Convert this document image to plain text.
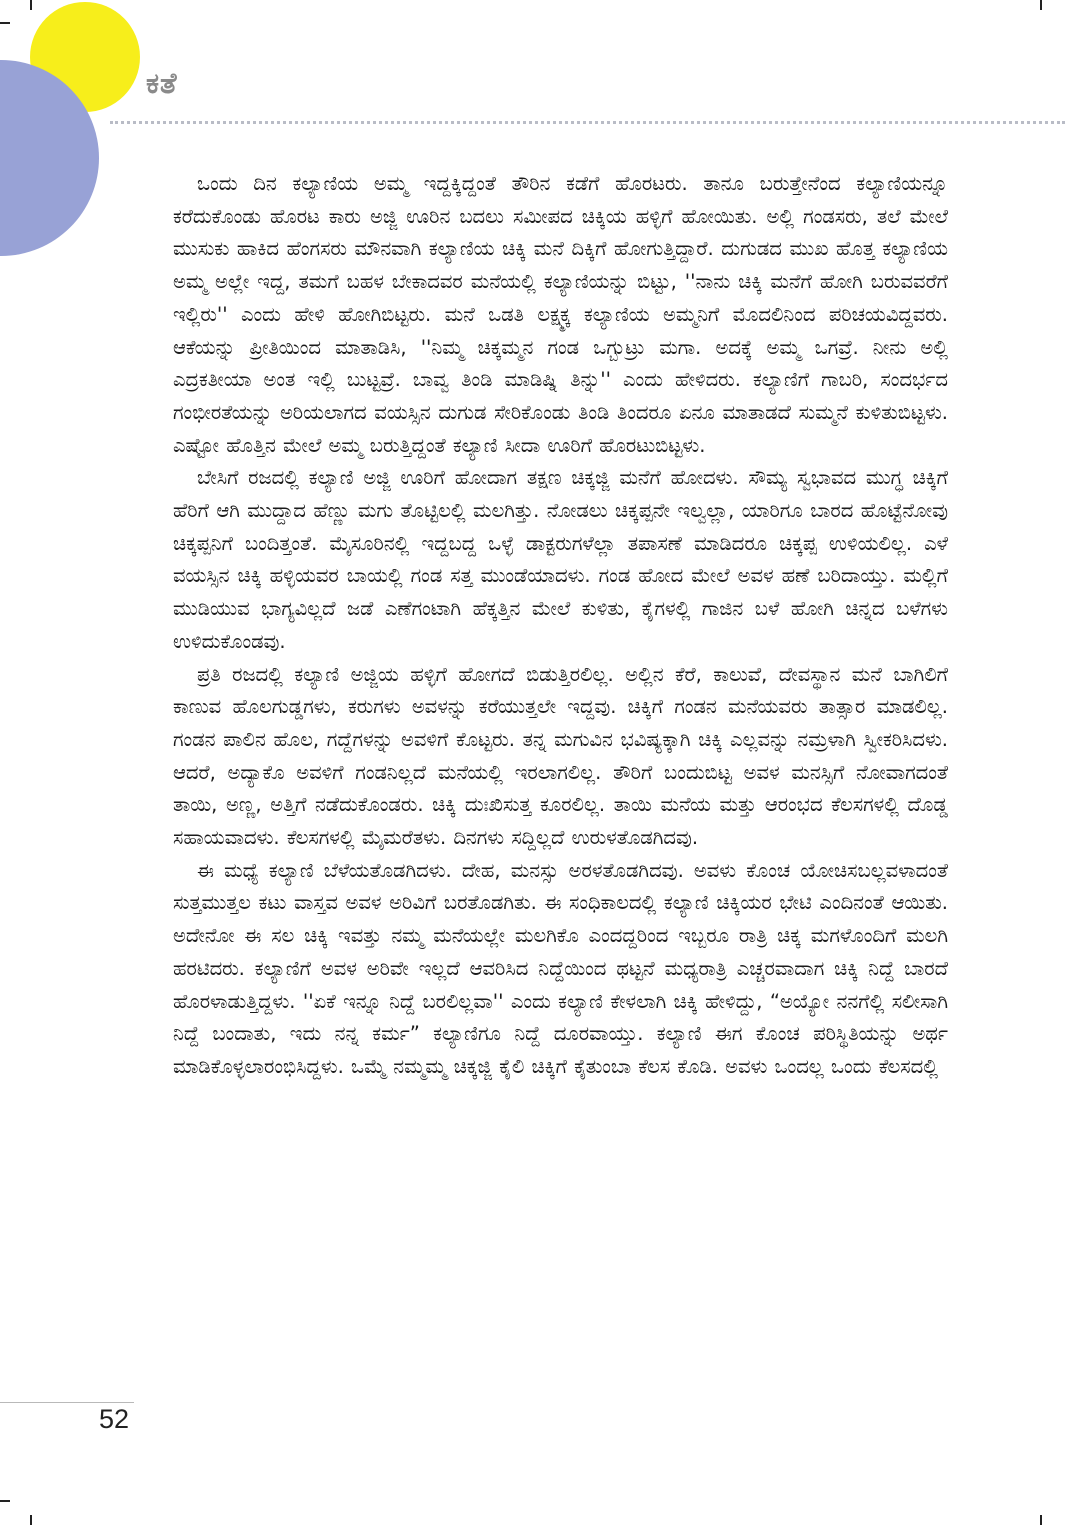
ಕತೆ

ಒಂದು ದಿನ ಕಲ್ಯಾಣಿಯ ಅಮ್ಮ ಇದ್ದಕ್ಕಿದ್ದಂತೆ ತೌರಿನ ಕಡೆಗೆ ಹೊರಟರು. ತಾನೂ ಬರುತ್ತೇನೆಂದ ಕಲ್ಯಾಣಿಯನ್ನೂ ಕರೆದುಕೊಂಡು ಹೊರಟ ಕಾರು ಅಜ್ಜಿ ಊರಿನ ಬದಲು ಸಮೀಪದ ಚಿಕ್ಕಿಯ ಹಳ್ಳಿಗೆ ಹೋಯಿತು. ಅಲ್ಲಿ ಗಂಡಸರು, ತಲೆ ಮೇಲೆ ಮುಸುಕು ಹಾಕಿದ ಹೆಂಗಸರು ಮೌನವಾಗಿ ಕಲ್ಯಾಣಿಯ ಚಿಕ್ಕಿ ಮನೆ ದಿಕ್ಕಿಗೆ ಹೋಗುತ್ತಿದ್ದಾರೆ. ದುಗುಡದ ಮುಖ ಹೊತ್ತ ಕಲ್ಯಾಣಿಯ ಅಮ್ಮ ಅಲ್ಲೇ ಇದ್ದ, ತಮಗೆ ಬಹಳ ಬೇಕಾದವರ ಮನೆಯಲ್ಲಿ ಕಲ್ಯಾಣಿಯನ್ನು ಬಿಟ್ಟು, ''ನಾನು ಚಿಕ್ಕಿ ಮನೆಗೆ ಹೋಗಿ ಬರುವವರೆಗೆ ಇಲ್ಲಿರು'' ಎಂದು ಹೇಳಿ ಹೋಗಿಬಿಟ್ಟರು. ಮನೆ ಒಡತಿ ಲಕ್ಷ್ಮಕ್ಕ ಕಲ್ಯಾಣಿಯ ಅಮ್ಮನಿಗೆ ಮೊದಲಿನಿಂದ ಪರಿಚಯವಿದ್ದವರು. ಆಕೆಯನ್ನು ಪ್ರೀತಿಯಿಂದ ಮಾತಾಡಿಸಿ, ''ನಿಮ್ಮ ಚಿಕ್ಕಮ್ಮನ ಗಂಡ ಒಗ್ಬುಟ್ರು ಮಗಾ. ಅದಕ್ಕೆ ಅಮ್ಮ ಒಗವ್ರೆ. ನೀನು ಅಲ್ಲಿ ಎದ್ರಕತೀಯಾ ಅಂತ ಇಲ್ಲಿ ಬುಟ್ಟವ್ರೆ. ಬಾವ್ವ ತಿಂಡಿ ಮಾಡಿಷ್ನಿ ತಿನ್ನು'' ಎಂದು ಹೇಳಿದರು. ಕಲ್ಯಾಣಿಗೆ ಗಾಬರಿ, ಸಂದರ್ಭದ ಗಂಭೀರತೆಯನ್ನು ಅರಿಯಲಾಗದ ವಯಸ್ಸಿನ ದುಗುಡ ಸೇರಿಕೊಂಡು ತಿಂಡಿ ತಿಂದರೂ ಏನೂ ಮಾತಾಡದೆ ಸುಮ್ಮನೆ ಕುಳಿತುಬಿಟ್ಟಳು. ಎಷ್ಟೋ ಹೊತ್ತಿನ ಮೇಲೆ ಅಮ್ಮ ಬರುತ್ತಿದ್ದಂತೆ ಕಲ್ಯಾಣಿ ಸೀದಾ ಊರಿಗೆ ಹೊರಟುಬಿಟ್ಟಳು.

ಬೇಸಿಗೆ ರಜದಲ್ಲಿ ಕಲ್ಯಾಣಿ ಅಜ್ಜಿ ಊರಿಗೆ ಹೋದಾಗ ತಕ್ಷಣ ಚಿಕ್ಕಜ್ಜಿ ಮನೆಗೆ ಹೋದಳು. ಸೌಮ್ಯ ಸ್ವಭಾವದ ಮುಗ್ಧ ಚಿಕ್ಕಿಗೆ ಹೆರಿಗೆ ಆಗಿ ಮುದ್ದಾದ ಹೆಣ್ಣು ಮಗು ತೊಟ್ಟಿಲಲ್ಲಿ ಮಲಗಿತ್ತು. ನೋಡಲು ಚಿಕ್ಕಪ್ಪನೇ ಇಲ್ವಲ್ಲಾ, ಯಾರಿಗೂ ಬಾರದ ಹೊಟ್ಟೆನೋವು ಚಿಕ್ಕಪ್ಪನಿಗೆ ಬಂದಿತ್ತಂತೆ. ಮೈಸೂರಿನಲ್ಲಿ ಇದ್ದಬದ್ದ ಒಳ್ಳೆ ಡಾಕ್ಟರುಗಳೆಲ್ಲಾ ತಪಾಸಣೆ ಮಾಡಿದರೂ ಚಿಕ್ಕಪ್ಪ ಉಳಿಯಲಿಲ್ಲ. ಎಳೆ ವಯಸ್ಸಿನ ಚಿಕ್ಕಿ ಹಳ್ಳಿಯವರ ಬಾಯಲ್ಲಿ ಗಂಡ ಸತ್ತ ಮುಂಡೆಯಾದಳು. ಗಂಡ ಹೋದ ಮೇಲೆ ಅವಳ ಹಣೆ ಬರಿದಾಯ್ತು. ಮಲ್ಲಿಗೆ ಮುಡಿಯುವ ಭಾಗ್ಯವಿಲ್ಲದೆ ಜಡೆ ಎಣೆಗಂಟಾಗಿ ಹೆಕ್ಕತ್ತಿನ ಮೇಲೆ ಕುಳಿತು, ಕೈಗಳಲ್ಲಿ ಗಾಜಿನ ಬಳೆ ಹೋಗಿ ಚಿನ್ನದ ಬಳೆಗಳು ಉಳಿದುಕೊಂಡವು.

ಪ್ರತಿ ರಜದಲ್ಲಿ ಕಲ್ಯಾಣಿ ಅಜ್ಜಿಯ ಹಳ್ಳಿಗೆ ಹೋಗದೆ ಬಿಡುತ್ತಿರಲಿಲ್ಲ. ಅಲ್ಲಿನ ಕೆರೆ, ಕಾಲುವೆ, ದೇವಸ್ಥಾನ ಮನೆ ಬಾಗಿಲಿಗೆ ಕಾಣುವ ಹೊಲಗುಡ್ಡಗಳು, ಕರುಗಳು ಅವಳನ್ನು ಕರೆಯುತ್ತಲೇ ಇದ್ದವು. ಚಿಕ್ಕಿಗೆ ಗಂಡನ ಮನೆಯವರು ತಾತ್ಸಾರ ಮಾಡಲಿಲ್ಲ. ಗಂಡನ ಪಾಲಿನ ಹೊಲ, ಗದ್ದೆಗಳನ್ನು ಅವಳಿಗೆ ಕೊಟ್ಟರು. ತನ್ನ ಮಗುವಿನ ಭವಿಷ್ಯಕ್ಕಾಗಿ ಚಿಕ್ಕಿ ಎಲ್ಲವನ್ನು ನಮ್ರಳಾಗಿ ಸ್ವೀಕರಿಸಿದಳು. ಆದರೆ, ಅದ್ಯಾಕೊ ಅವಳಿಗೆ ಗಂಡನಿಲ್ಲದೆ ಮನೆಯಲ್ಲಿ ಇರಲಾಗಲಿಲ್ಲ. ತೌರಿಗೆ ಬಂದುಬಿಟ್ಟ ಅವಳ ಮನಸ್ಸಿಗೆ ನೋವಾಗದಂತೆ ತಾಯಿ, ಅಣ್ಣ, ಅತ್ತಿಗೆ ನಡೆದುಕೊಂಡರು. ಚಿಕ್ಕಿ ದುಃಖಿಸುತ್ತ ಕೂರಲಿಲ್ಲ. ತಾಯಿ ಮನೆಯ ಮತ್ತು ಆರಂಭದ ಕೆಲಸಗಳಲ್ಲಿ ದೊಡ್ಡ ಸಹಾಯವಾದಳು. ಕೆಲಸಗಳಲ್ಲಿ ಮೈಮರೆತಳು. ದಿನಗಳು ಸದ್ದಿಲ್ಲದೆ ಉರುಳತೊಡಗಿದವು.

ಈ ಮಧ್ಯೆ ಕಲ್ಯಾಣಿ ಬೆಳೆಯತೊಡಗಿದಳು. ದೇಹ, ಮನಸ್ಸು ಅರಳತೊಡಗಿದವು. ಅವಳು ಕೊಂಚ ಯೋಚಿಸಬಲ್ಲವಳಾದಂತೆ ಸುತ್ತಮುತ್ತಲ ಕಟು ವಾಸ್ತವ ಅವಳ ಅರಿವಿಗೆ ಬರತೊಡಗಿತು. ಈ ಸಂಧಿಕಾಲದಲ್ಲಿ ಕಲ್ಯಾಣಿ ಚಿಕ್ಕಿಯರ ಭೇಟಿ ಎಂದಿನಂತೆ ಆಯಿತು. ಅದೇನೋ ಈ ಸಲ ಚಿಕ್ಕಿ ಇವತ್ತು ನಮ್ಮ ಮನೆಯಲ್ಲೇ ಮಲಗಿಕೊ ಎಂದದ್ದರಿಂದ ಇಬ್ಬರೂ ರಾತ್ರಿ ಚಿಕ್ಕ ಮಗಳೊಂದಿಗೆ ಮಲಗಿ ಹರಟಿದರು. ಕಲ್ಯಾಣಿಗೆ ಅವಳ ಅರಿವೇ ಇಲ್ಲದೆ ಆವರಿಸಿದ ನಿದ್ದೆಯಿಂದ ಥಟ್ಟನೆ ಮಧ್ಯರಾತ್ರಿ ಎಚ್ಚರವಾದಾಗ ಚಿಕ್ಕಿ ನಿದ್ದೆ ಬಾರದೆ ಹೊರಳಾಡುತ್ತಿದ್ದಳು. ''ಏಕೆ ಇನ್ನೂ ನಿದ್ದೆ ಬರಲಿಲ್ಲವಾ'' ಎಂದು ಕಲ್ಯಾಣಿ ಕೇಳಲಾಗಿ ಚಿಕ್ಕಿ ಹೇಳಿದ್ದು, “ಅಯ್ಯೋ ನನಗೆಲ್ಲಿ ಸಲೀಸಾಗಿ ನಿದ್ದೆ ಬಂದಾತು, ಇದು ನನ್ನ ಕರ್ಮ” ಕಲ್ಯಾಣಿಗೂ ನಿದ್ದೆ ದೂರವಾಯ್ತು. ಕಲ್ಯಾಣಿ ಈಗ ಕೊಂಚ ಪರಿಸ್ಥಿತಿಯನ್ನು ಅರ್ಥ ಮಾಡಿಕೊಳ್ಳಲಾರಂಭಿಸಿದ್ದಳು. ಒಮ್ಮೆ ನಮ್ಮಮ್ಮ ಚಿಕ್ಕಜ್ಜಿ ಕೈಲಿ ಚಿಕ್ಕಿಗೆ ಕೈತುಂಬಾ ಕೆಲಸ ಕೊಡಿ. ಅವಳು ಒಂದಲ್ಲ ಒಂದು ಕೆಲಸದಲ್ಲಿ

52
